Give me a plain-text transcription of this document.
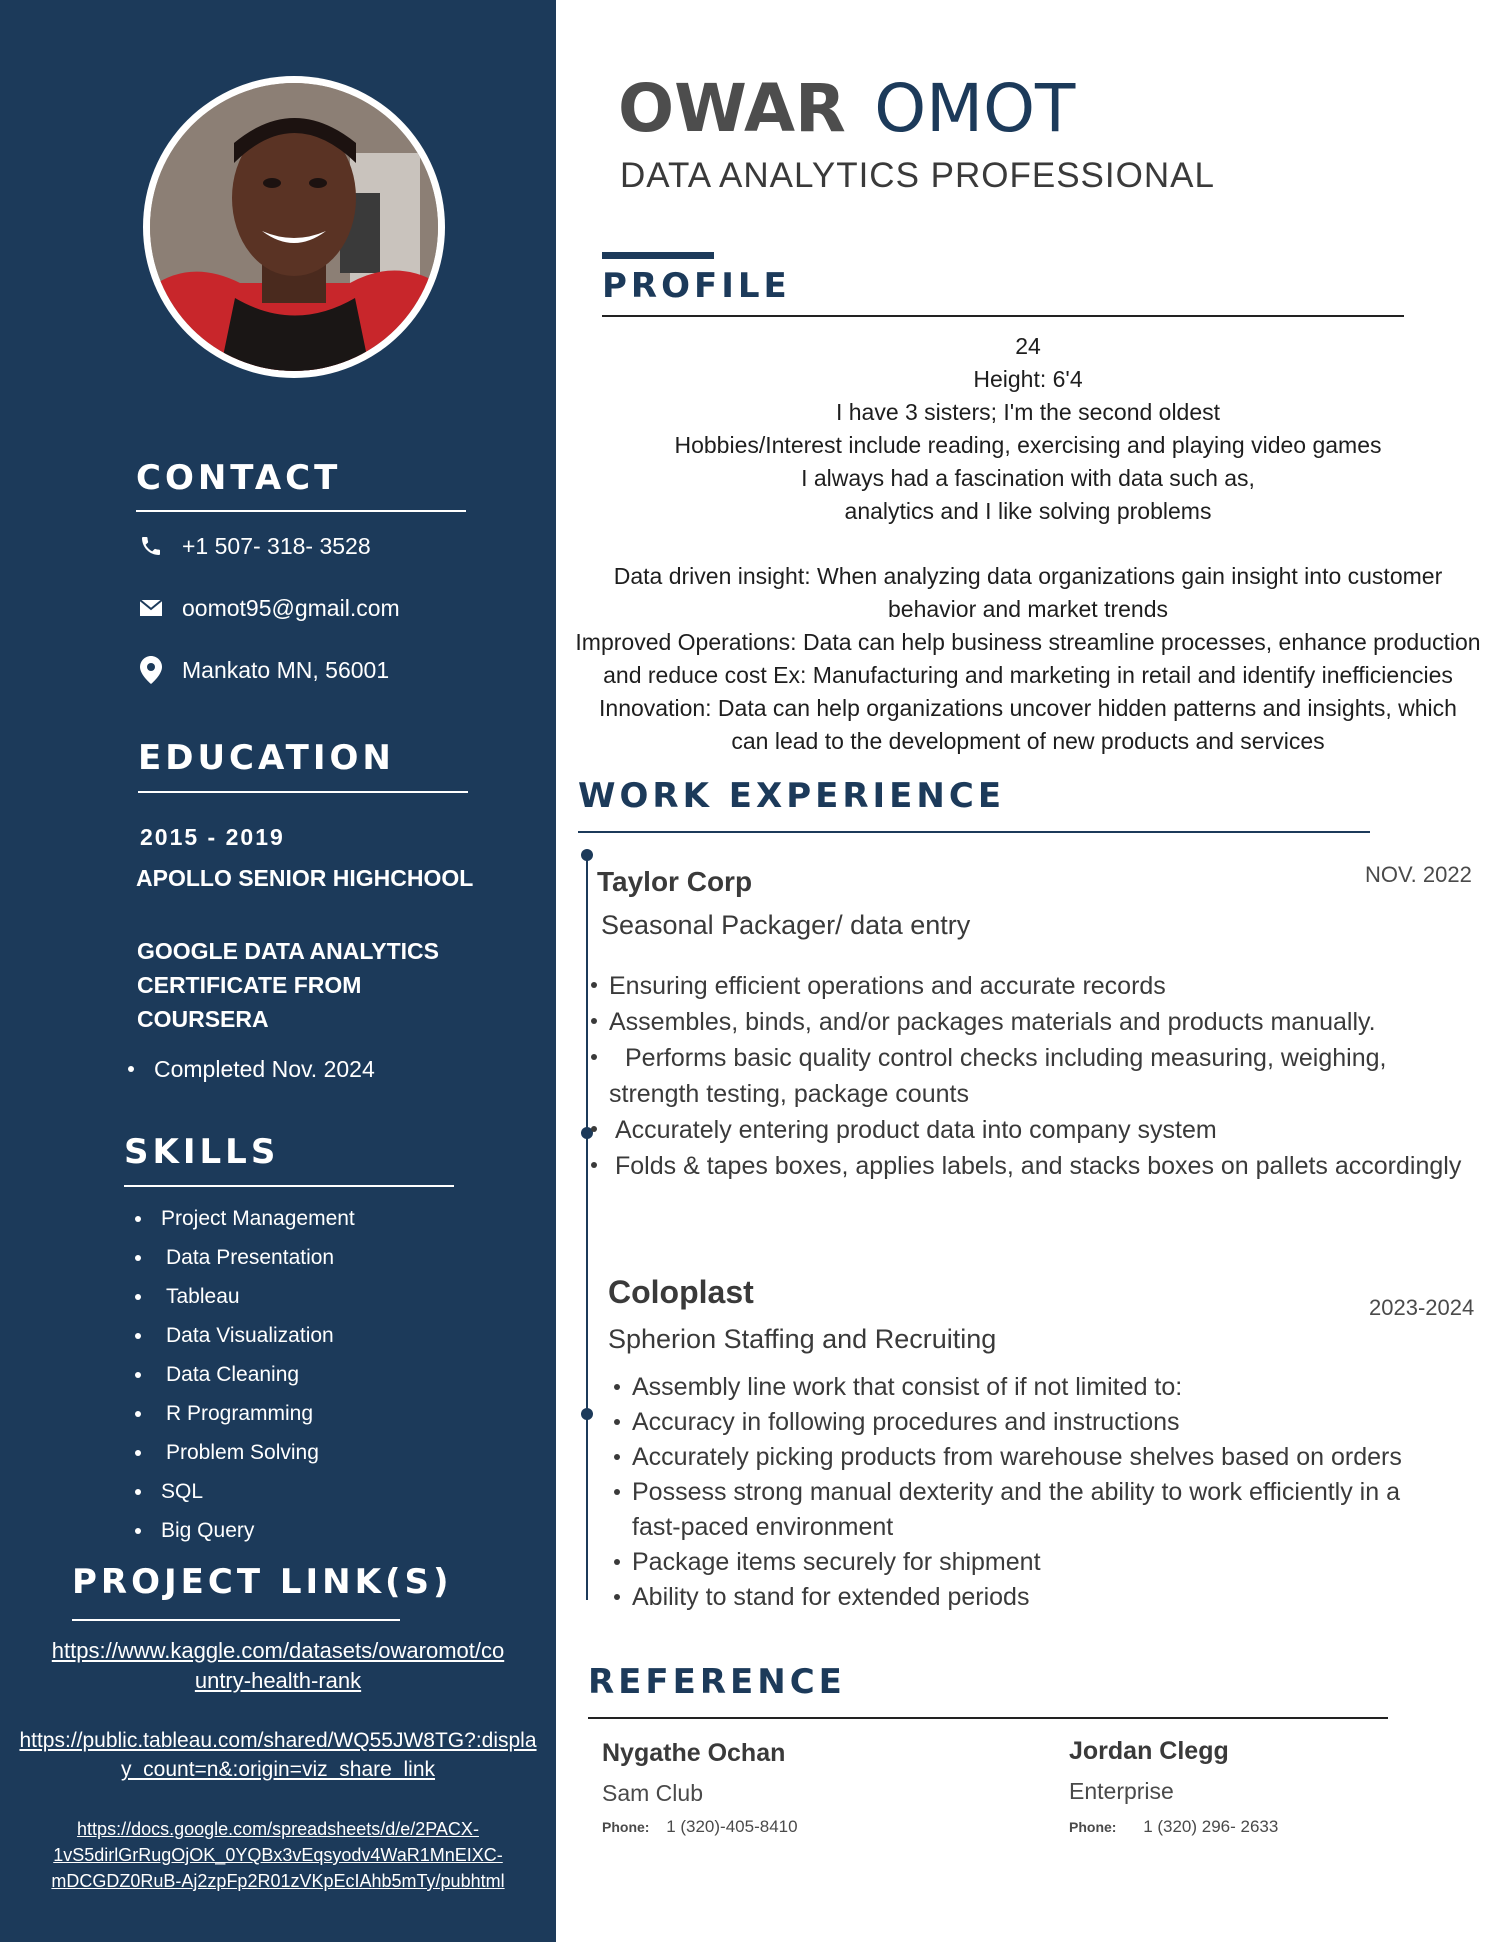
CONTACT
+1 507- 318- 3528
oomot95@gmail.com
Mankato MN, 56001
EDUCATION
2015 - 2019
APOLLO SENIOR HIGHCHOOL
GOOGLE DATA ANALYTICS
CERTIFICATE FROM
COURSERA
Completed Nov. 2024
SKILLS
Project Management
Data Presentation
Tableau
Data Visualization
Data Cleaning
R Programming
Problem Solving
SQL
Big Query
PROJECT LINK(S)
https://www.kaggle.com/datasets/owaromot/co
untry-health-rank
https://public.tableau.com/shared/WQ55JW8TG?:displa
y_count=n&:origin=viz_share_link
https://docs.google.com/spreadsheets/d/e/2PACX-
1vS5dirlGrRugOjOK_0YQBx3vEqsyodv4WaR1MnEIXC-
mDCGDZ0RuB-Aj2zpFp2R01zVKpEcIAhb5mTy/pubhtml
OWAR OMOT
DATA ANALYTICS PROFESSIONAL
PROFILE
24
Height: 6'4
I have 3 sisters; I'm the second oldest
Hobbies/Interest include reading, exercising and playing video games
I always had a fascination with data such as,
analytics and I like solving problems
Data driven insight: When analyzing data organizations gain insight into customer
behavior and market trends
Improved Operations: Data can help business streamline processes, enhance production
and reduce cost Ex: Manufacturing and marketing in retail and identify inefficiencies
Innovation: Data can help organizations uncover hidden patterns and insights, which
can lead to the development of new products and services
WORK EXPERIENCE
Taylor Corp	NOV. 2022
Seasonal Packager/ data entry
Ensuring efficient operations and accurate records
Assembles, binds, and/or packages materials and products manually.
Performs basic quality control checks including measuring, weighing,
strength testing, package counts
Accurately entering product data into company system
Folds & tapes boxes, applies labels, and stacks boxes on pallets accordingly
Coloplast	2023-2024
Spherion Staffing and Recruiting
Assembly line work that consist of if not limited to:
Accuracy in following procedures and instructions
Accurately picking products from warehouse shelves based on orders
Possess strong manual dexterity and the ability to work efficiently in a
fast-paced environment
Package items securely for shipment
Ability to stand for extended periods
REFERENCE
Nygathe Ochan
Sam Club
Phone: 1 (320)-405-8410
Jordan Clegg
Enterprise
Phone: 1 (320) 296- 2633
